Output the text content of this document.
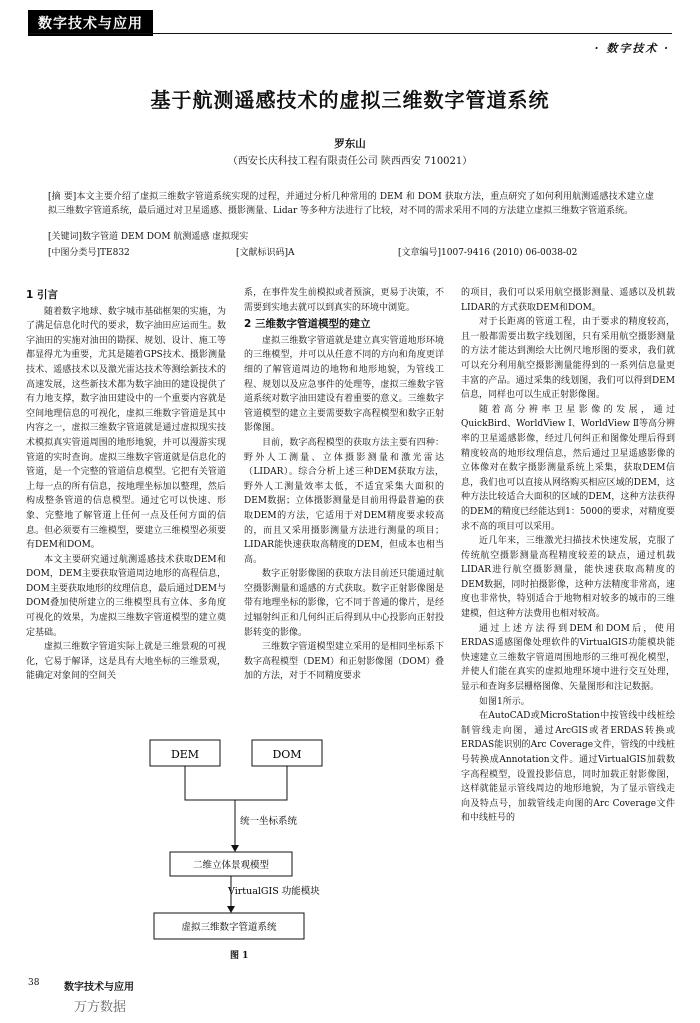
数字技术与应用
· 数字技术 ·
基于航测遥感技术的虚拟三维数字管道系统
罗东山
（西安长庆科技工程有限责任公司 陕西西安 710021）
[摘 要]本文主要介绍了虚拟三维数字管道系统实现的过程，并通过分析几种常用的 DEM 和 DOM 获取方法，重点研究了如何利用航测遥感技术建立虚拟三维数字管道系统，最后通过对卫星遥感、摄影测量、Lidar 等多种方法进行了比较，对不同的需求采用不同的方法建立虚拟三维数字管道系统。
[关键词]数字管道 DEM DOM 航测遥感 虚拟现实
[中图分类号]TE832	[文献标识码]A	[文章编号]1007-9416 (2010) 06-0038-02
1 引言

随着数字地球、数字城市基础框架的实施，为了满足信息化时代的要求，数字油田应运而生。数字油田的实施对油田的勘探、规划、设计、施工等都显得尤为重要，尤其是随着GPS技术、摄影测量技术、遥感技术以及激光雷达技术等测绘新技术的高速发展，这些新技术都为数字油田的建设提供了有力地支撑，数字油田建设中的一个重要内容就是空间地理信息的可视化，虚拟三维数字管道是其中内容之一，虚拟三维数字管道就是通过虚拟现实技术模拟真实管道周围的地形地貌，并可以漫游实现管道的实时查询。虚拟三维数字管道就是信息化的管道，是一个完整的管道信息模型。它把有关管道上每一点的所有信息，按地理坐标加以整理，然后构成整条管道的信息模型。通过它可以快速、形象、完整地了解管道上任何一点及任何方面的信息。但必须要有三维模型，要建立三维模型必须要有DEM和DOM。

本文主要研究通过航测遥感技术获取DEM和DOM，DEM主要获取管道周边地形的高程信息，DOM主要获取地形的纹理信息，最后通过DEM与DOM叠加使所建立的三维模型具有立体、多角度可视化的效果，为虚拟三维数字管道模型的建立奠定基础。

虚拟三维数字管道实际上就是三维景观的可视化，它易于解译，这是具有大地坐标的三维景观，能确定对象间的空间关

系，在事件发生前模拟或者预演，更易于决策，不需要到实地去就可以到真实的环境中浏览。

2 三维数字管道模型的建立

虚拟三维数字管道就是建立真实管道地形环境的三维模型，并可以从任意不同的方向和角度更详细的了解管道周边的地物和地形地貌，为管线工程、规划以及应急事件的处理等，虚拟三维数字管道系统对数字油田建设有着重要的意义。三维数字管道模型的建立主要需要数字高程模型和数字正射影像图。

目前，数字高程模型的获取方法主要有四种：野外人工测量、立体摄影测量和激光雷达（LIDAR）。综合分析上述三种DEM获取方法，野外人工测量效率太低，不适宜采集大面积的DEM数据；立体摄影测量是目前用得最普遍的获取DEM的方法，它适用于对DEM精度要求较高的，而且又采用摄影测量方法进行测量的项目；LIDAR能快速获取高精度的DEM，但成本也相当高。

数字正射影像图的获取方法目前还只能通过航空摄影测量和遥感的方式获取。数字正射影像图是带有地理坐标的影像，它不同于普通的像片，是经过辐射纠正和几何纠正后得到从中心投影向正射投影转变的影像。

三维数字管道模型建立采用的是相同坐标系下数字高程模型（DEM）和正射影像图（DOM）叠加的方法，对于不同精度要求

的项目，我们可以采用航空摄影测量、遥感以及机载LIDAR的方式获取DEM和DOM。

对于长距离的管道工程，由于要求的精度较高，且一般都需要出数字线划图，只有采用航空摄影测量的方法才能达到测绘大比例尺地形图的要求，我们就可以充分利用航空摄影测量能得到的一系列信息量更丰富的产品。通过采集的线划图，我们可以得到DEM信息，同样也可以生成正射影像图。

随着高分辨率卫星影像的发展，通过QuickBird、WorldView Ⅰ、WorldView Ⅱ等高分辨率的卫星遥感影像，经过几何纠正和图像处理后得到精度较高的地形纹理信息，然后通过卫星遥感影像的立体像对在数字摄影测量系统上采集，获取DEM信息，我们也可以直接从网络购买相应区域的DEM，这种方法比较适合大面积的区域的DEM，这种方法获得的DEM的精度已经能达到1：5000的要求，对精度要求不高的项目可以采用。

近几年来，三维激光扫描技术快速发展，克服了传统航空摄影测量高程精度较差的缺点，通过机载LIDAR进行航空摄影测量，能快速获取高精度的DEM数据，同时拍摄影像，这种方法精度非常高，速度也非常快，特别适合于地物相对较多的城市的三维建模，但这种方法费用也相对较高。

通过上述方法得到DEM和DOM后，使用ERDAS遥感图像处理软件的VirtualGIS功能模块能快速建立三维数字管道周围地形的三维可视化模型，并使人们能在真实的虚拟地理环境中进行交互处理，显示和查询多层栅格图像、矢量图形和注记数据。

如图1所示。

在AutoCAD或MicroStation中按管线中线桩绘制管线走向图，通过ArcGIS或者ERDAS转换或ERDAS能识别的Arc Coverage文件，管线的中线桩号转换成Annotation文件。通过VirtualGIS加载数字高程模型，设置投影信息，同时加载正射影像图，这样就能显示管线周边的地形地貌，为了显示管线走向及特点号，加载管线走向图的Arc Coverage文件和中线桩号的

DEM	DOM
统一坐标系统
二维立体景观模型
VirtualGIS 功能模块
虚拟三维数字管道系统
图 1
38 数字技术与应用
万方数据
